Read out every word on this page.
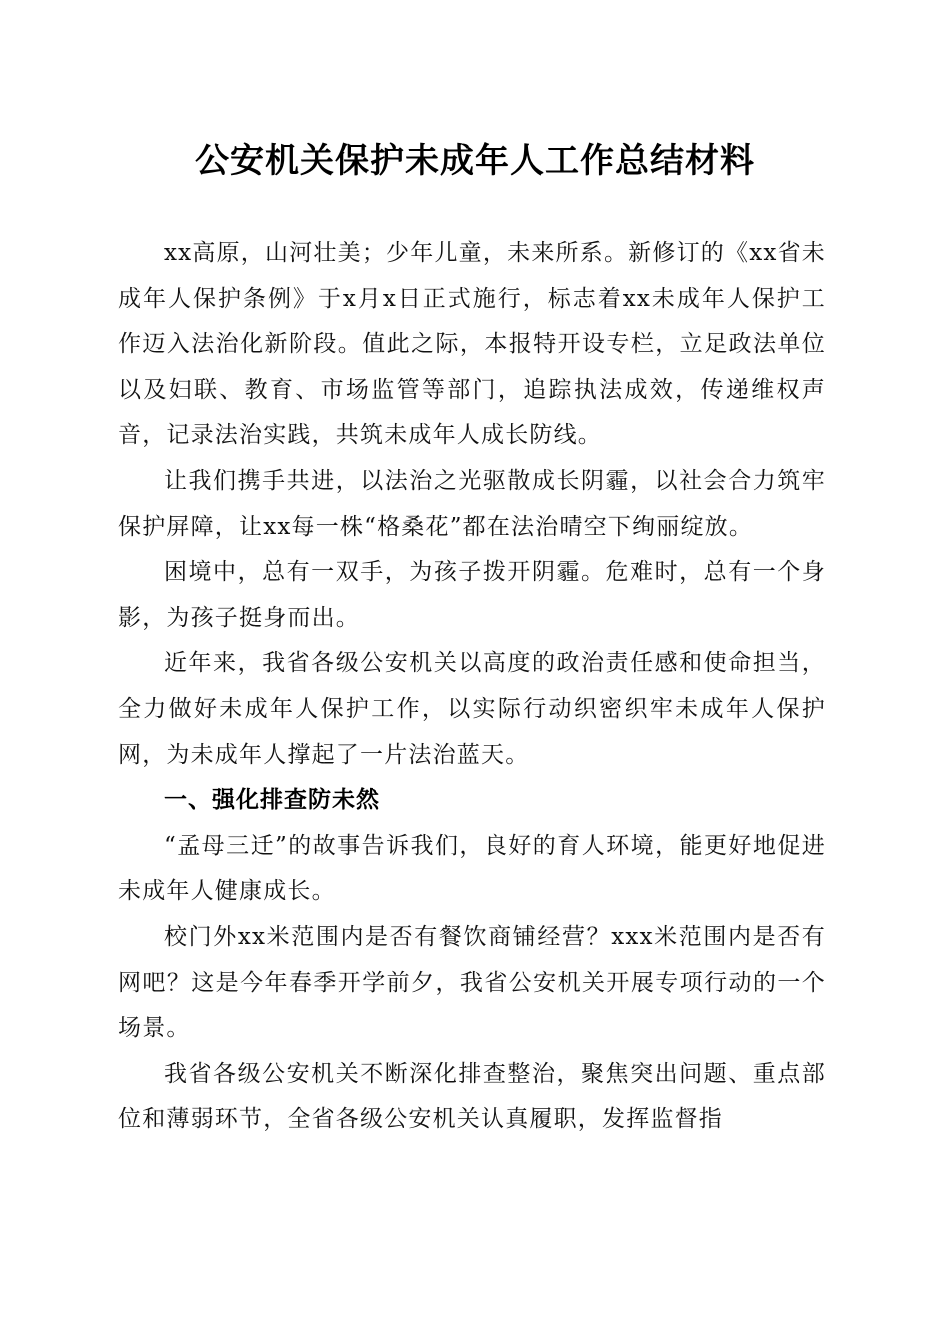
公安机关保护未成年人工作总结材料

xx高原，山河壮美；少年儿童，未来所系。新修订的《xx省未成年人保护条例》于x月x日正式施行，标志着xx未成年人保护工作迈入法治化新阶段。值此之际，本报特开设专栏，立足政法单位以及妇联、教育、市场监管等部门，追踪执法成效，传递维权声音，记录法治实践，共筑未成年人成长防线。

让我们携手共进，以法治之光驱散成长阴霾，以社会合力筑牢保护屏障，让xx每一株“格桑花”都在法治晴空下绚丽绽放。

困境中，总有一双手，为孩子拨开阴霾。危难时，总有一个身影，为孩子挺身而出。

近年来，我省各级公安机关以高度的政治责任感和使命担当，全力做好未成年人保护工作，以实际行动织密织牢未成年人保护网，为未成年人撑起了一片法治蓝天。

一、强化排查防未然

“孟母三迁”的故事告诉我们，良好的育人环境，能更好地促进未成年人健康成长。

校门外xx米范围内是否有餐饮商铺经营？xxx米范围内是否有网吧？这是今年春季开学前夕，我省公安机关开展专项行动的一个场景。

我省各级公安机关不断深化排查整治，聚焦突出问题、重点部位和薄弱环节，全省各级公安机关认真履职，发挥监督指
